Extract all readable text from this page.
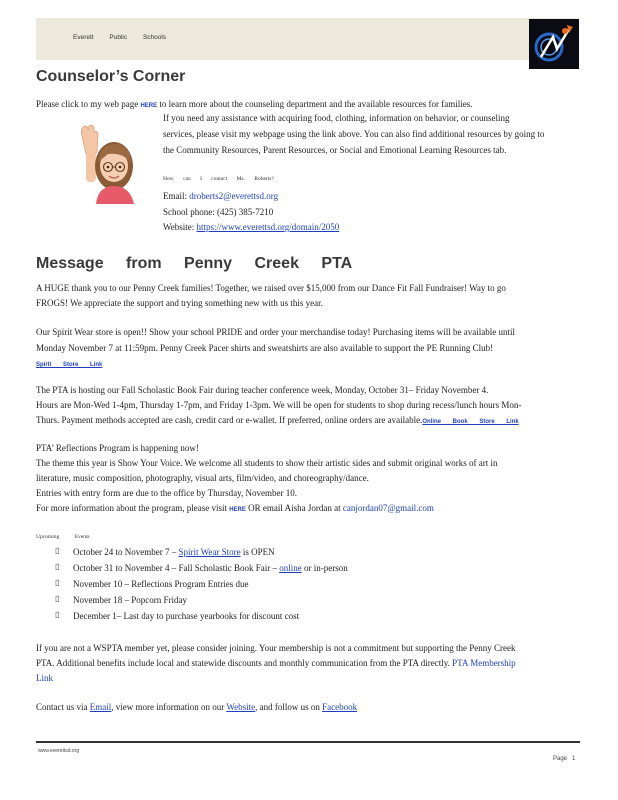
Everett Public Schools
Counselor’s Corner
Please click to my web page HERE to learn more about the counseling department and the available resources for families.
If you need any assistance with acquiring food, clothing, information on behavior, or counseling
services, please visit my webpage using the link above. You can also find additional resources by going to
the Community Resources, Parent Resources, or Social and Emotional Learning Resources tab.
How can I contact Ms. Roberts?
Email: droberts2@everettsd.org
School phone: (425) 385-7210
Website: https://www.everettsd.org/domain/2050
Message from Penny Creek PTA
A HUGE thank you to our Penny Creek families! Together, we raised over $15,000 from our Dance Fit Fall Fundraiser! Way to go
FROGS! We appreciate the support and trying something new with us this year.
Our Spirit Wear store is open!! Show your school PRIDE and order your merchandise today! Purchasing items will be available until
Monday November 7 at 11:59pm. Penny Creek Pacer shirts and sweatshirts are also available to support the PE Running Club!
Spirit Store Link
The PTA is hosting our Fall Scholastic Book Fair during teacher conference week, Monday, October 31– Friday November 4.
Hours are Mon-Wed 1-4pm, Thursday 1-7pm, and Friday 1-3pm. We will be open for students to shop during recess/lunch hours Mon-
Thurs. Payment methods accepted are cash, credit card or e-wallet. If preferred, online orders are available.Online Book Store Link
PTA’ Reflections Program is happening now!
The theme this year is Show Your Voice. We welcome all students to show their artistic sides and submit original works of art in
literature, music composition, photography, visual arts, film/video, and choreography/dance.
Entries with entry form are due to the office by Thursday, November 10.
For more information about the program, please visit HERE OR email Aisha Jordan at canjordan07@gmail.com
Upcoming Events
▯ October 24 to November 7 – Spirit Wear Store is OPEN
▯ October 31 to November 4 – Fall Scholastic Book Fair – online or in-person
▯ November 10 – Reflections Program Entries due
▯ November 18 – Popcorn Friday
▯ December 1– Last day to purchase yearbooks for discount cost
If you are not a WSPTA member yet, please consider joining. Your membership is not a commitment but supporting the Penny Creek
PTA. Additional benefits include local and statewide discounts and monthly communication from the PTA directly. PTA Membership
Link
Contact us via Email, view more information on our Website, and follow us on Facebook
www.everettsd.org
Page 1
